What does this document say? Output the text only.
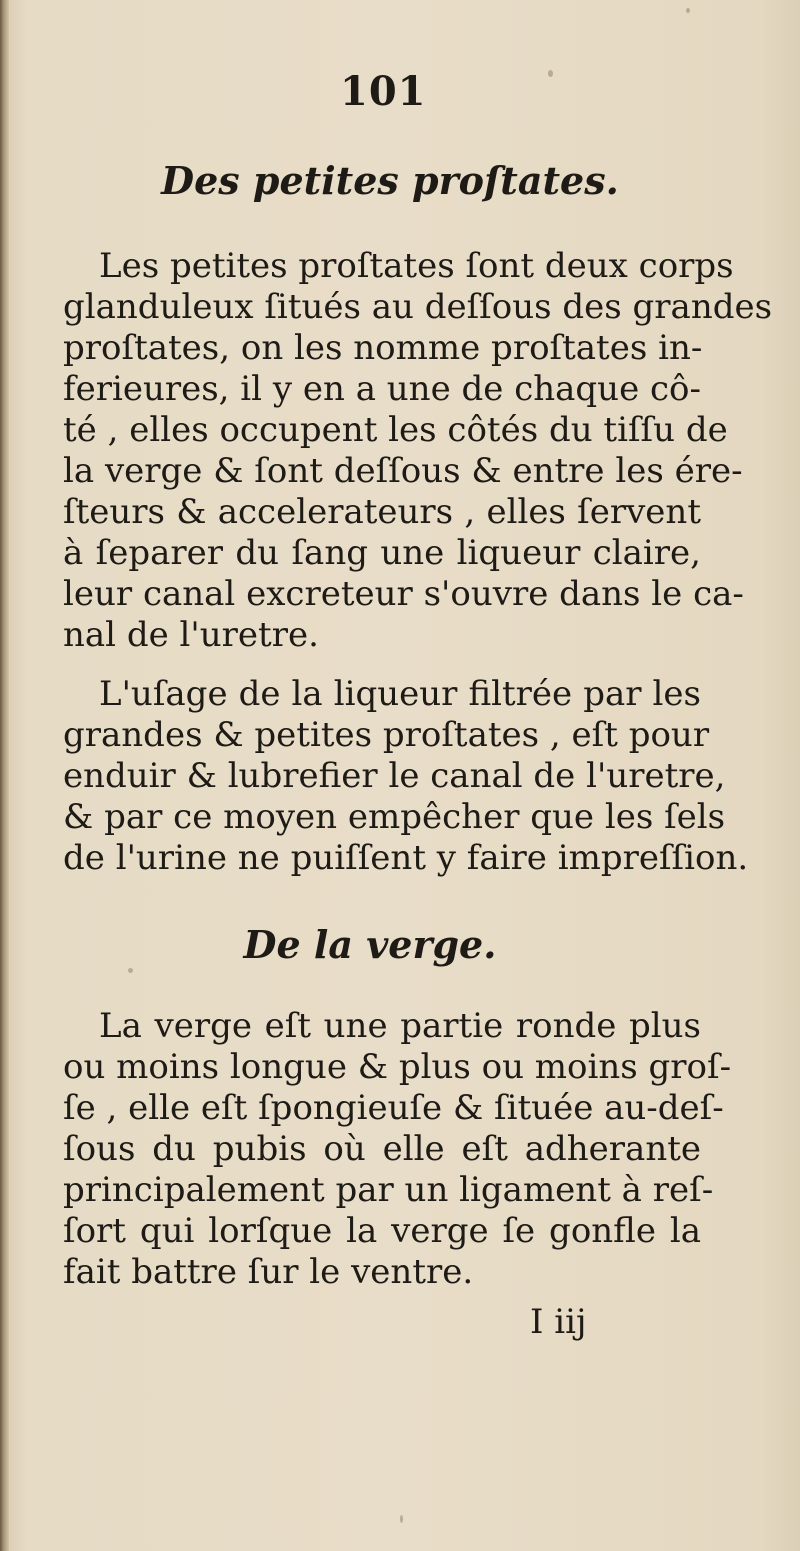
101
Des petites proſtates.
Les petites proſtates ſont deux corps
glanduleux ſitués au deſſous des grandes
proſtates, on les nomme proſtates in-
ferieures, il y en a une de chaque cô-
té , elles occupent les côtés du tiſſu de
la verge & ſont deſſous & entre les ére-
ſteurs & accelerateurs , elles ſervent
à ſeparer du ſang une liqueur claire,
leur canal excreteur s'ouvre dans le ca-
nal de l'uretre.
L'uſage de la liqueur filtrée par les
grandes & petites proſtates , eſt pour
enduir & lubrefier le canal de l'uretre,
& par ce moyen empêcher que les ſels
de l'urine ne puiſſent y faire impreſſion.
De la verge.
La verge eſt une partie ronde plus
ou moins longue & plus ou moins groſ-
ſe , elle eſt ſpongieuſe & ſituée au-deſ-
ſous du pubis où elle eſt adherante
principalement par un ligament à reſ-
ſort qui lorſque la verge ſe gonfle la
fait battre ſur le ventre.
I iij
